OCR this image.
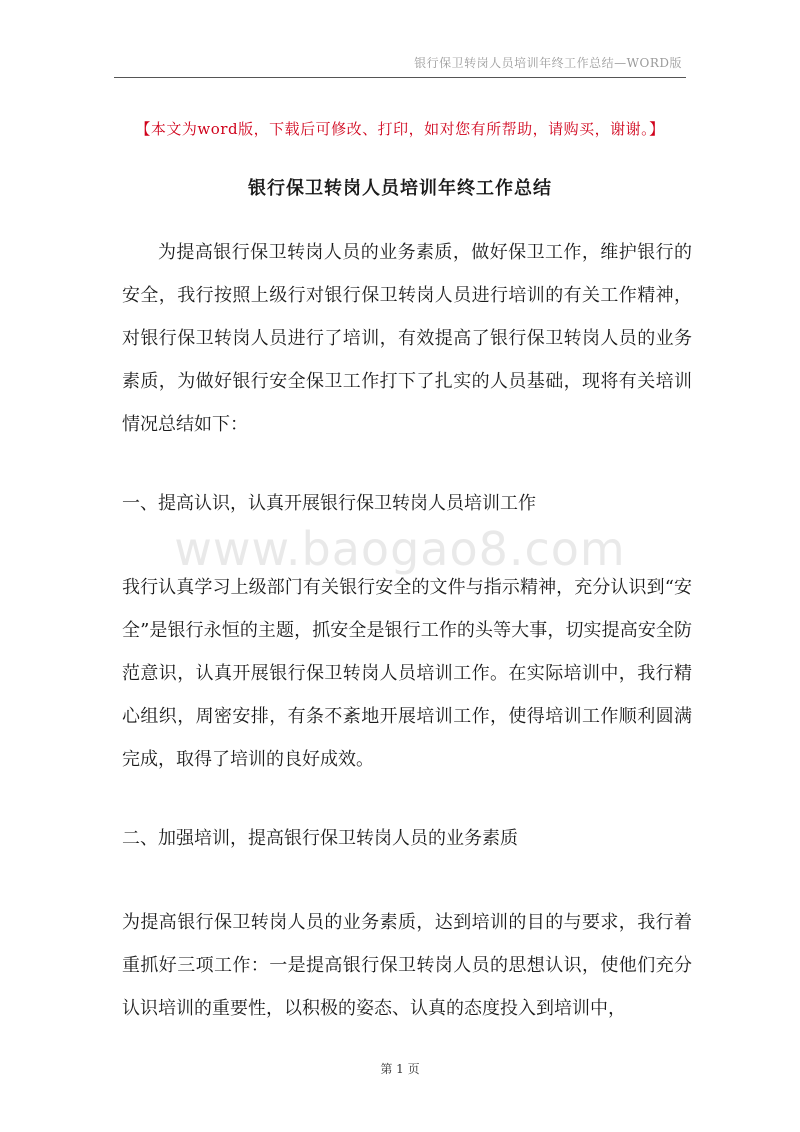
银行保卫转岗人员培训年终工作总结—WORD版
【本文为word版，下载后可修改、打印，如对您有所帮助，请购买，谢谢。】
银行保卫转岗人员培训年终工作总结

为提高银行保卫转岗人员的业务素质，做好保卫工作，维护银行的安全，我行按照上级行对银行保卫转岗人员进行培训的有关工作精神，对银行保卫转岗人员进行了培训，有效提高了银行保卫转岗人员的业务素质，为做好银行安全保卫工作打下了扎实的人员基础，现将有关培训情况总结如下：

一、提高认识，认真开展银行保卫转岗人员培训工作

www.baogao8.com

我行认真学习上级部门有关银行安全的文件与指示精神，充分认识到“安全”是银行永恒的主题，抓安全是银行工作的头等大事，切实提高安全防范意识，认真开展银行保卫转岗人员培训工作。在实际培训中，我行精心组织，周密安排，有条不紊地开展培训工作，使得培训工作顺利圆满完成，取得了培训的良好成效。

二、加强培训，提高银行保卫转岗人员的业务素质

为提高银行保卫转岗人员的业务素质，达到培训的目的与要求，我行着重抓好三项工作：一是提高银行保卫转岗人员的思想认识，使他们充分认识培训的重要性，以积极的姿态、认真的态度投入到培训中，

第 1 页
